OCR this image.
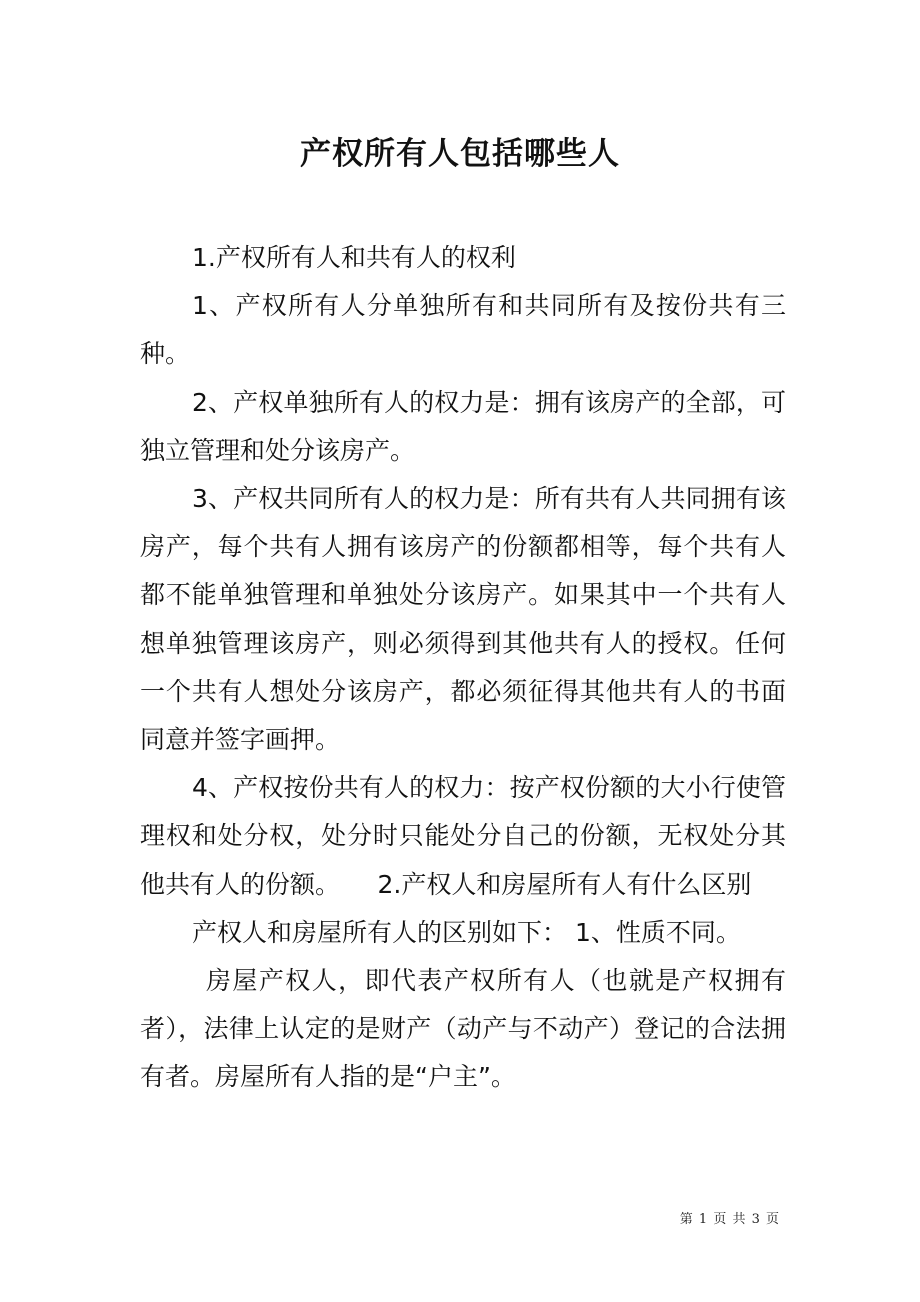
产权所有人包括哪些人

1.产权所有人和共有人的权利

1、产权所有人分单独所有和共同所有及按份共有三种。

2、产权单独所有人的权力是：拥有该房产的全部，可独立管理和处分该房产。

3、产权共同所有人的权力是：所有共有人共同拥有该房产，每个共有人拥有该房产的份额都相等，每个共有人都不能单独管理和单独处分该房产。如果其中一个共有人想单独管理该房产，则必须得到其他共有人的授权。任何一个共有人想处分该房产，都必须征得其他共有人的书面同意并签字画押。

4、产权按份共有人的权力：按产权份额的大小行使管理权和处分权，处分时只能处分自己的份额，无权处分其他共有人的份额。　　2.产权人和房屋所有人有什么区别

产权人和房屋所有人的区别如下： 1、性质不同。

房屋产权人，即代表产权所有人（也就是产权拥有者），法律上认定的是财产（动产与不动产）登记的合法拥有者。房屋所有人指的是“户主”。

第 1 页 共 3 页
